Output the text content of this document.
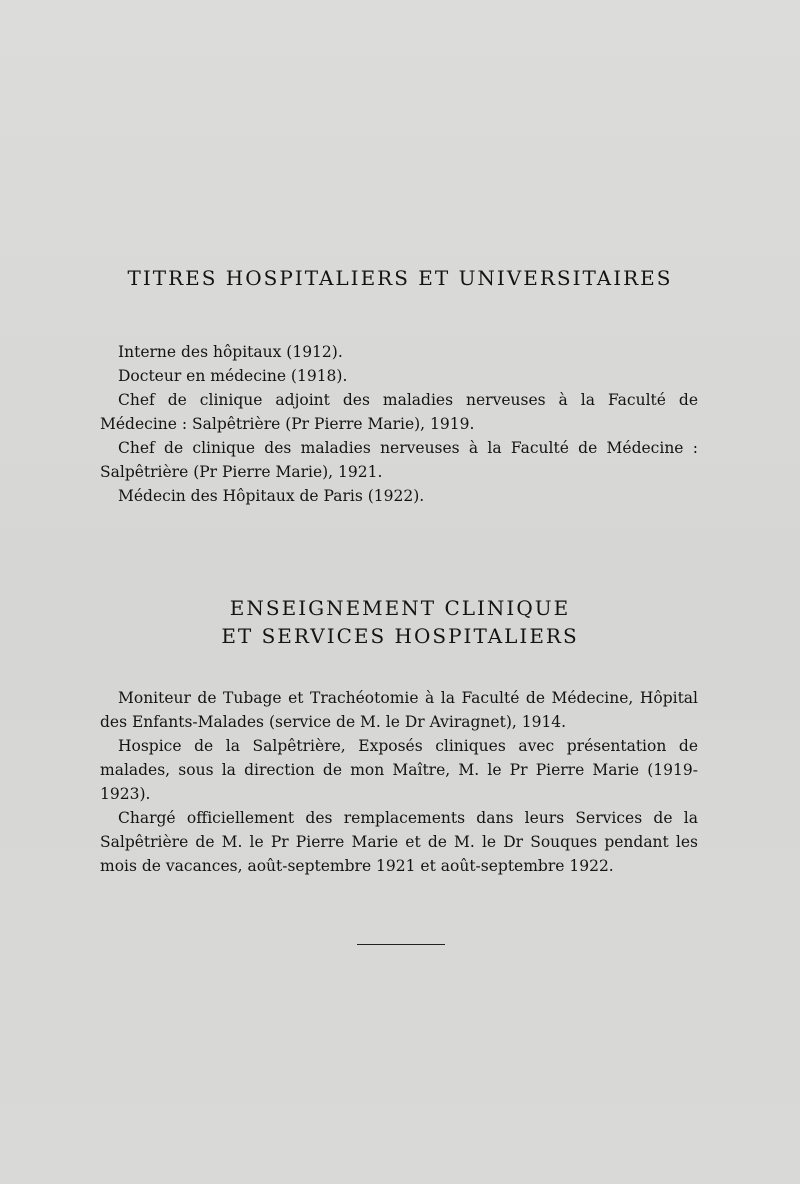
TITRES HOSPITALIERS ET UNIVERSITAIRES

Interne des hôpitaux (1912).

Docteur en médecine (1918).

Chef de clinique adjoint des maladies nerveuses à la Faculté de Médecine : Salpêtrière (Pr Pierre Marie), 1919.

Chef de clinique des maladies nerveuses à la Faculté de Médecine : Salpêtrière (Pr Pierre Marie), 1921.

Médecin des Hôpitaux de Paris (1922).

ENSEIGNEMENT CLINIQUE
ET SERVICES HOSPITALIERS

Moniteur de Tubage et Trachéotomie à la Faculté de Médecine, Hôpital des Enfants-Malades (service de M. le Dr Aviragnet), 1914.

Hospice de la Salpêtrière, Exposés cliniques avec présentation de malades, sous la direction de mon Maître, M. le Pr Pierre Marie (1919-1923).

Chargé officiellement des remplacements dans leurs Services de la Salpêtrière de M. le Pr Pierre Marie et de M. le Dr Souques pendant les mois de vacances, août-septembre 1921 et août-septembre 1922.
